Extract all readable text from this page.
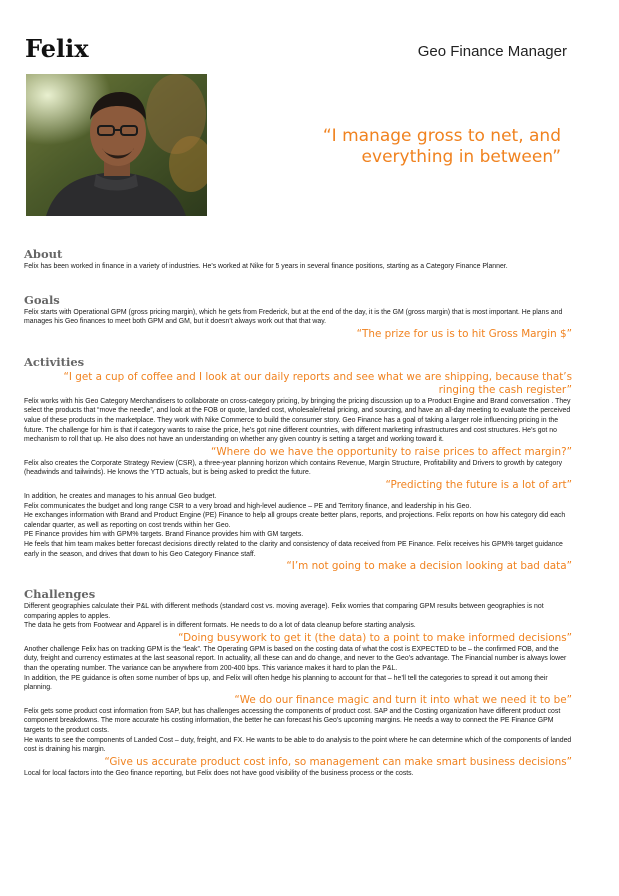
Felix	Geo Finance Manager
“I manage gross to net, and everything in between”
About

Felix has been worked in finance in a variety of industries. He’s worked at Nike for 5 years in several finance positions, starting as a Category Finance Planner.

Goals

Felix starts with Operational GPM (gross pricing margin), which he gets from Frederick, but at the end of the day, it is the GM (gross margin) that is most important. He plans and manages his Geo finances to meet both GPM and GM, but it doesn’t always work out that that way.

“The prize for us is to hit Gross Margin $”

Activities

“I get a cup of coffee and I look at our daily reports and see what we are shipping, because that’s ringing the cash register”

Felix works with his Geo Category Merchandisers to collaborate on cross-category pricing, by bringing the pricing discussion up to a Product Engine and Brand conversation . They select the products that “move the needle”, and look at the FOB or quote, landed cost, wholesale/retail pricing, and sourcing, and have an all-day meeting to evaluate the perceived value of these products in the marketplace. They work with Nike Commerce to build the consumer story. Geo Finance has a goal of taking a larger role influencing pricing in the future. The challenge for him is that if category wants to raise the price, he’s got nine different countries, with different marketing infrastructures and cost structures. He’s got no mechanism to roll that up. He also does not have an understanding on whether any given country is setting a target and working toward it.

“Where do we have the opportunity to raise prices to affect margin?”

Felix also creates the Corporate Strategy Review (CSR), a three-year planning horizon which contains Revenue, Margin Structure, Profitability and Drivers to growth by category (headwinds and tailwinds). He knows the YTD actuals, but is being asked to predict the future.

“Predicting the future is a lot of art”

In addition, he creates and manages to his annual Geo budget.

Felix communicates the budget and long range CSR to a very broad and high-level audience – PE and Territory finance, and leadership in his Geo.

He exchanges information with Brand and Product Engine (PE) Finance to help all groups create better plans, reports, and projections. Felix reports on how his category did each calendar quarter, as well as reporting on cost trends within her Geo.

PE Finance provides him with GPM% targets. Brand Finance provides him with GM targets.

He feels that him team makes better forecast decisions directly related to the clarity and consistency of data received from PE Finance. Felix receives his GPM% target guidance early in the season, and drives that down to his Geo Category Finance staff.

“I’m not going to make a decision looking at bad data”

Challenges

Different geographies calculate their P&L with different methods (standard cost vs. moving average). Felix worries that comparing GPM results between geographies is not comparing apples to apples.

The data he gets from Footwear and Apparel is in different formats. He needs to do a lot of data cleanup before starting analysis.

“Doing busywork to get it (the data) to a point to make informed decisions”

Another challenge Felix has on tracking GPM is the “leak”. The Operating GPM is based on the costing data of what the cost is EXPECTED to be – the confirmed FOB, and the duty, freight and currency estimates at the last seasonal report. In actuality, all these can and do change, and never to the Geo’s advantage. The Financial number is always lower than the operating number. The variance can be anywhere from 200-400 bps. This variance makes it hard to plan the P&L.

In addition, the PE guidance is often some number of bps up, and Felix will often hedge his planning to account for that – he’ll tell the categories to spread it out among their planning.

“We do our finance magic and turn it into what we need it to be”

Felix gets some product cost information from SAP, but has challenges accessing the components of product cost. SAP and the Costing organization have different product cost component breakdowns. The more accurate his costing information, the better he can forecast his Geo’s upcoming margins. He needs a way to connect the PE Finance GPM targets to the product costs.

He wants to see the components of Landed Cost – duty, freight, and FX. He wants to be able to do analysis to the point where he can determine which of the components of landed cost is draining his margin.

“Give us accurate product cost info, so management can make smart business decisions”

Local for local factors into the Geo finance reporting, but Felix does not have good visibility of the business process or the costs.
